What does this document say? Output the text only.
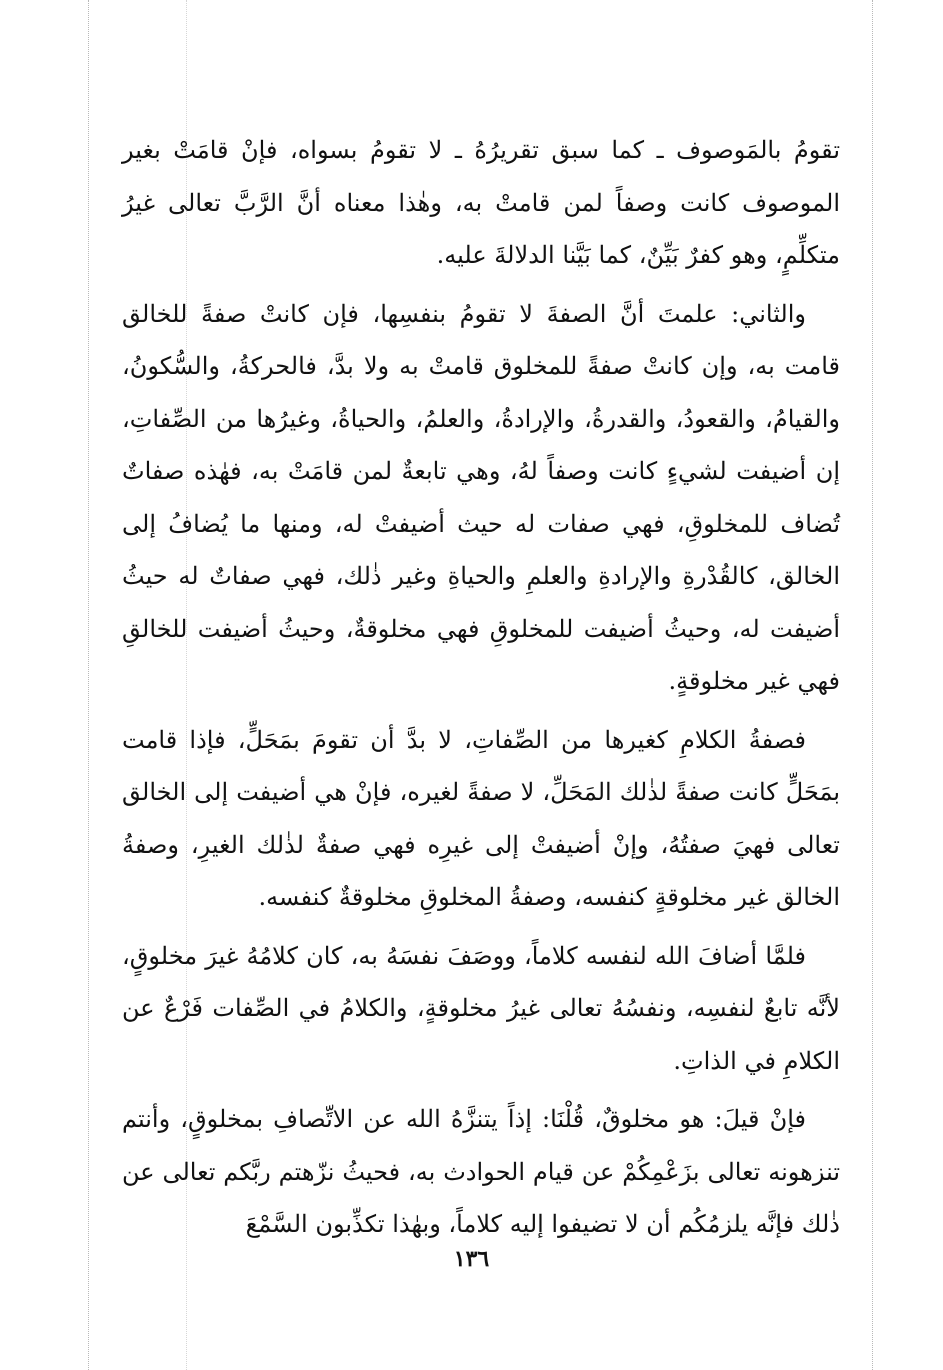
تقومُ بالمَوصوف ـ كما سبق تقريرُهُ ـ لا تقومُ بسواه، فإنْ قامَتْ بغير الموصوف كانت وصفاً لمن قامتْ به، وهٰذا معناه أنَّ الرَّبَّ تعالى غيرُ متكلِّمٍ، وهو كفرٌ بَيِّنٌ، كما بَيَّنا الدلالةَ عليه.

والثاني: علمتَ أنَّ الصفةَ لا تقومُ بنفسِها، فإن كانتْ صفةً للخالق قامت به، وإن كانتْ صفةً للمخلوق قامتْ به ولا بدَّ، فالحركةُ، والسُّكونُ، والقيامُ، والقعودُ، والقدرةُ، والإرادةُ، والعلمُ، والحياةُ، وغيرُها من الصِّفاتِ، إن أضيفت لشيءٍ كانت وصفاً لهُ، وهي تابعةٌ لمن قامَتْ به، فهٰذه صفاتٌ تُضاف للمخلوقِ، فهي صفات له حيث أضيفتْ له، ومنها ما يُضافُ إلى الخالق، كالقُدْرةِ والإرادةِ والعلمِ والحياةِ وغير ذٰلك، فهي صفاتٌ له حيثُ أضيفت له، وحيثُ أضيفت للمخلوقِ فهي مخلوقةٌ، وحيثُ أضيفت للخالقِ فهي غير مخلوقةٍ.

فصفةُ الكلامِ كغيرها من الصِّفاتِ، لا بدَّ أن تقومَ بمَحَلٍّ، فإذا قامت بمَحَلٍّ كانت صفةً لذٰلك المَحَلِّ، لا صفةً لغيره، فإنْ هي أضيفت إلى الخالق تعالى فهيَ صفتُهُ، وإنْ أضيفتْ إلى غيرِه فهي صفةٌ لذٰلك الغيرِ، وصفةُ الخالق غير مخلوقةٍ كنفسه، وصفةُ المخلوقِ مخلوقةٌ كنفسه.

فلمَّا أضافَ الله لنفسه كلاماً، ووصَفَ نفسَهُ به، كان كلامُهُ غيرَ مخلوقٍ، لأنَّه تابعٌ لنفسِه، ونفسُهُ تعالى غيرُ مخلوقةٍ، والكلامُ في الصِّفات فَرْعٌ عن الكلامِ في الذاتِ.

فإنْ قيلَ: هو مخلوقٌ، قُلْنَا: إذاً يتنزَّهُ الله عن الاتِّصافِ بمخلوقٍ، وأنتم تنزهونه تعالى بزَعْمِكُمْ عن قيام الحوادث به، فحيثُ نزّهتم ربَّكم تعالى عن ذٰلك فإنَّه يلزمُكُم أن لا تضيفوا إليه كلاماً، وبهٰذا تكذِّبون السَّمْعَ

١٣٦
